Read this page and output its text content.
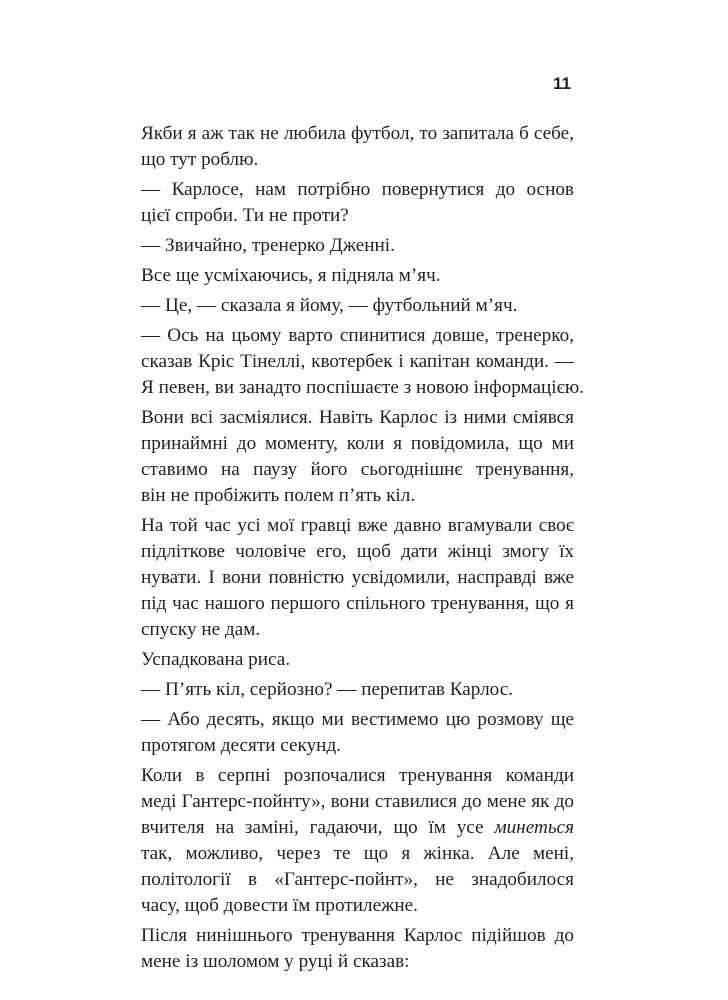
11
Якби я аж так не любила футбол, то запитала б себе,
що тут роблю.
— Карлосе, нам потрібно повернутися до основ
цієї спроби. Ти не проти?
— Звичайно, тренерко Дженні.
Все ще усміхаючись, я підняла м’яч.
— Це, — сказала я йому, — футбольний м’яч.
— Ось на цьому варто спинитися довше, тренерко,
сказав Кріс Тінеллі, квотербек і капітан команди. —
Я певен, ви занадто поспішаєте з новою інформацією.
Вони всі засміялися. Навіть Карлос із ними сміявся
принаймні до моменту, коли я повідомила, що ми
ставимо на паузу його сьогоднішнє тренування,
він не пробіжить полем п’ять кіл.
На той час усі мої гравці вже давно вгамували своє
підліткове чоловіче его, щоб дати жінці змогу їх
нувати. І вони повністю усвідомили, насправді вже
під час нашого першого спільного тренування, що я
спуску не дам.
Успадкована риса.
— П’ять кіл, серйозно? — перепитав Карлос.
— Або десять, якщо ми вестимемо цю розмову ще
протягом десяти секунд.
Коли в серпні розпочалися тренування команди
меді Гантерс-пойнту», вони ставилися до мене як до
вчителя на заміні, гадаючи, що їм усе минеться
так, можливо, через те що я жінка. Але мені,
політології в «Гантерс-пойнт», не знадобилося
часу, щоб довести їм протилежне.
Після нинішнього тренування Карлос підійшов до
мене із шоломом у руці й сказав:
